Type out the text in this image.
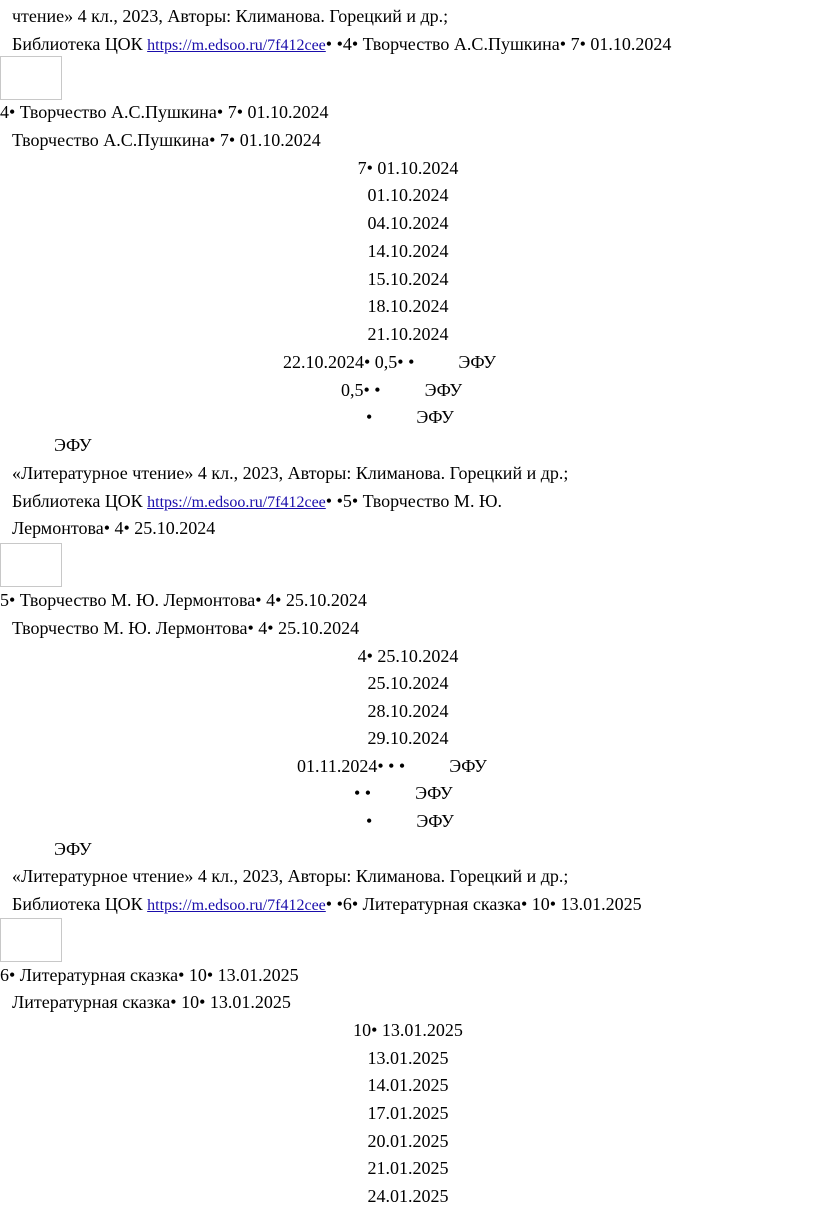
чтение» 4 кл., 2023, Авторы: Климанова. Горецкий и др.;
Библиотека ЦОК https://m.edsoo.ru/7f412cee• •4• Творчество А.С.Пушкина• 7• 01.10.2024
4• Творчество А.С.Пушкина• 7• 01.10.2024
Творчество А.С.Пушкина• 7• 01.10.2024
7• 01.10.2024
01.10.2024
04.10.2024
14.10.2024
15.10.2024
18.10.2024
21.10.2024
22.10.2024• 0,5• • ЭФУ
0,5• • ЭФУ
• ЭФУ
ЭФУ
«Литературное чтение» 4 кл., 2023, Авторы: Климанова. Горецкий и др.;
Библиотека ЦОК https://m.edsoo.ru/7f412cee• •5• Творчество М. Ю.
Лермонтова• 4• 25.10.2024
5• Творчество М. Ю. Лермонтова• 4• 25.10.2024
Творчество М. Ю. Лермонтова• 4• 25.10.2024
4• 25.10.2024
25.10.2024
28.10.2024
29.10.2024
01.11.2024• • • ЭФУ
• • ЭФУ
• ЭФУ
ЭФУ
«Литературное чтение» 4 кл., 2023, Авторы: Климанова. Горецкий и др.;
Библиотека ЦОК https://m.edsoo.ru/7f412cee• •6• Литературная сказка• 10• 13.01.2025
6• Литературная сказка• 10• 13.01.2025
Литературная сказка• 10• 13.01.2025
10• 13.01.2025
13.01.2025
14.01.2025
17.01.2025
20.01.2025
21.01.2025
24.01.2025
